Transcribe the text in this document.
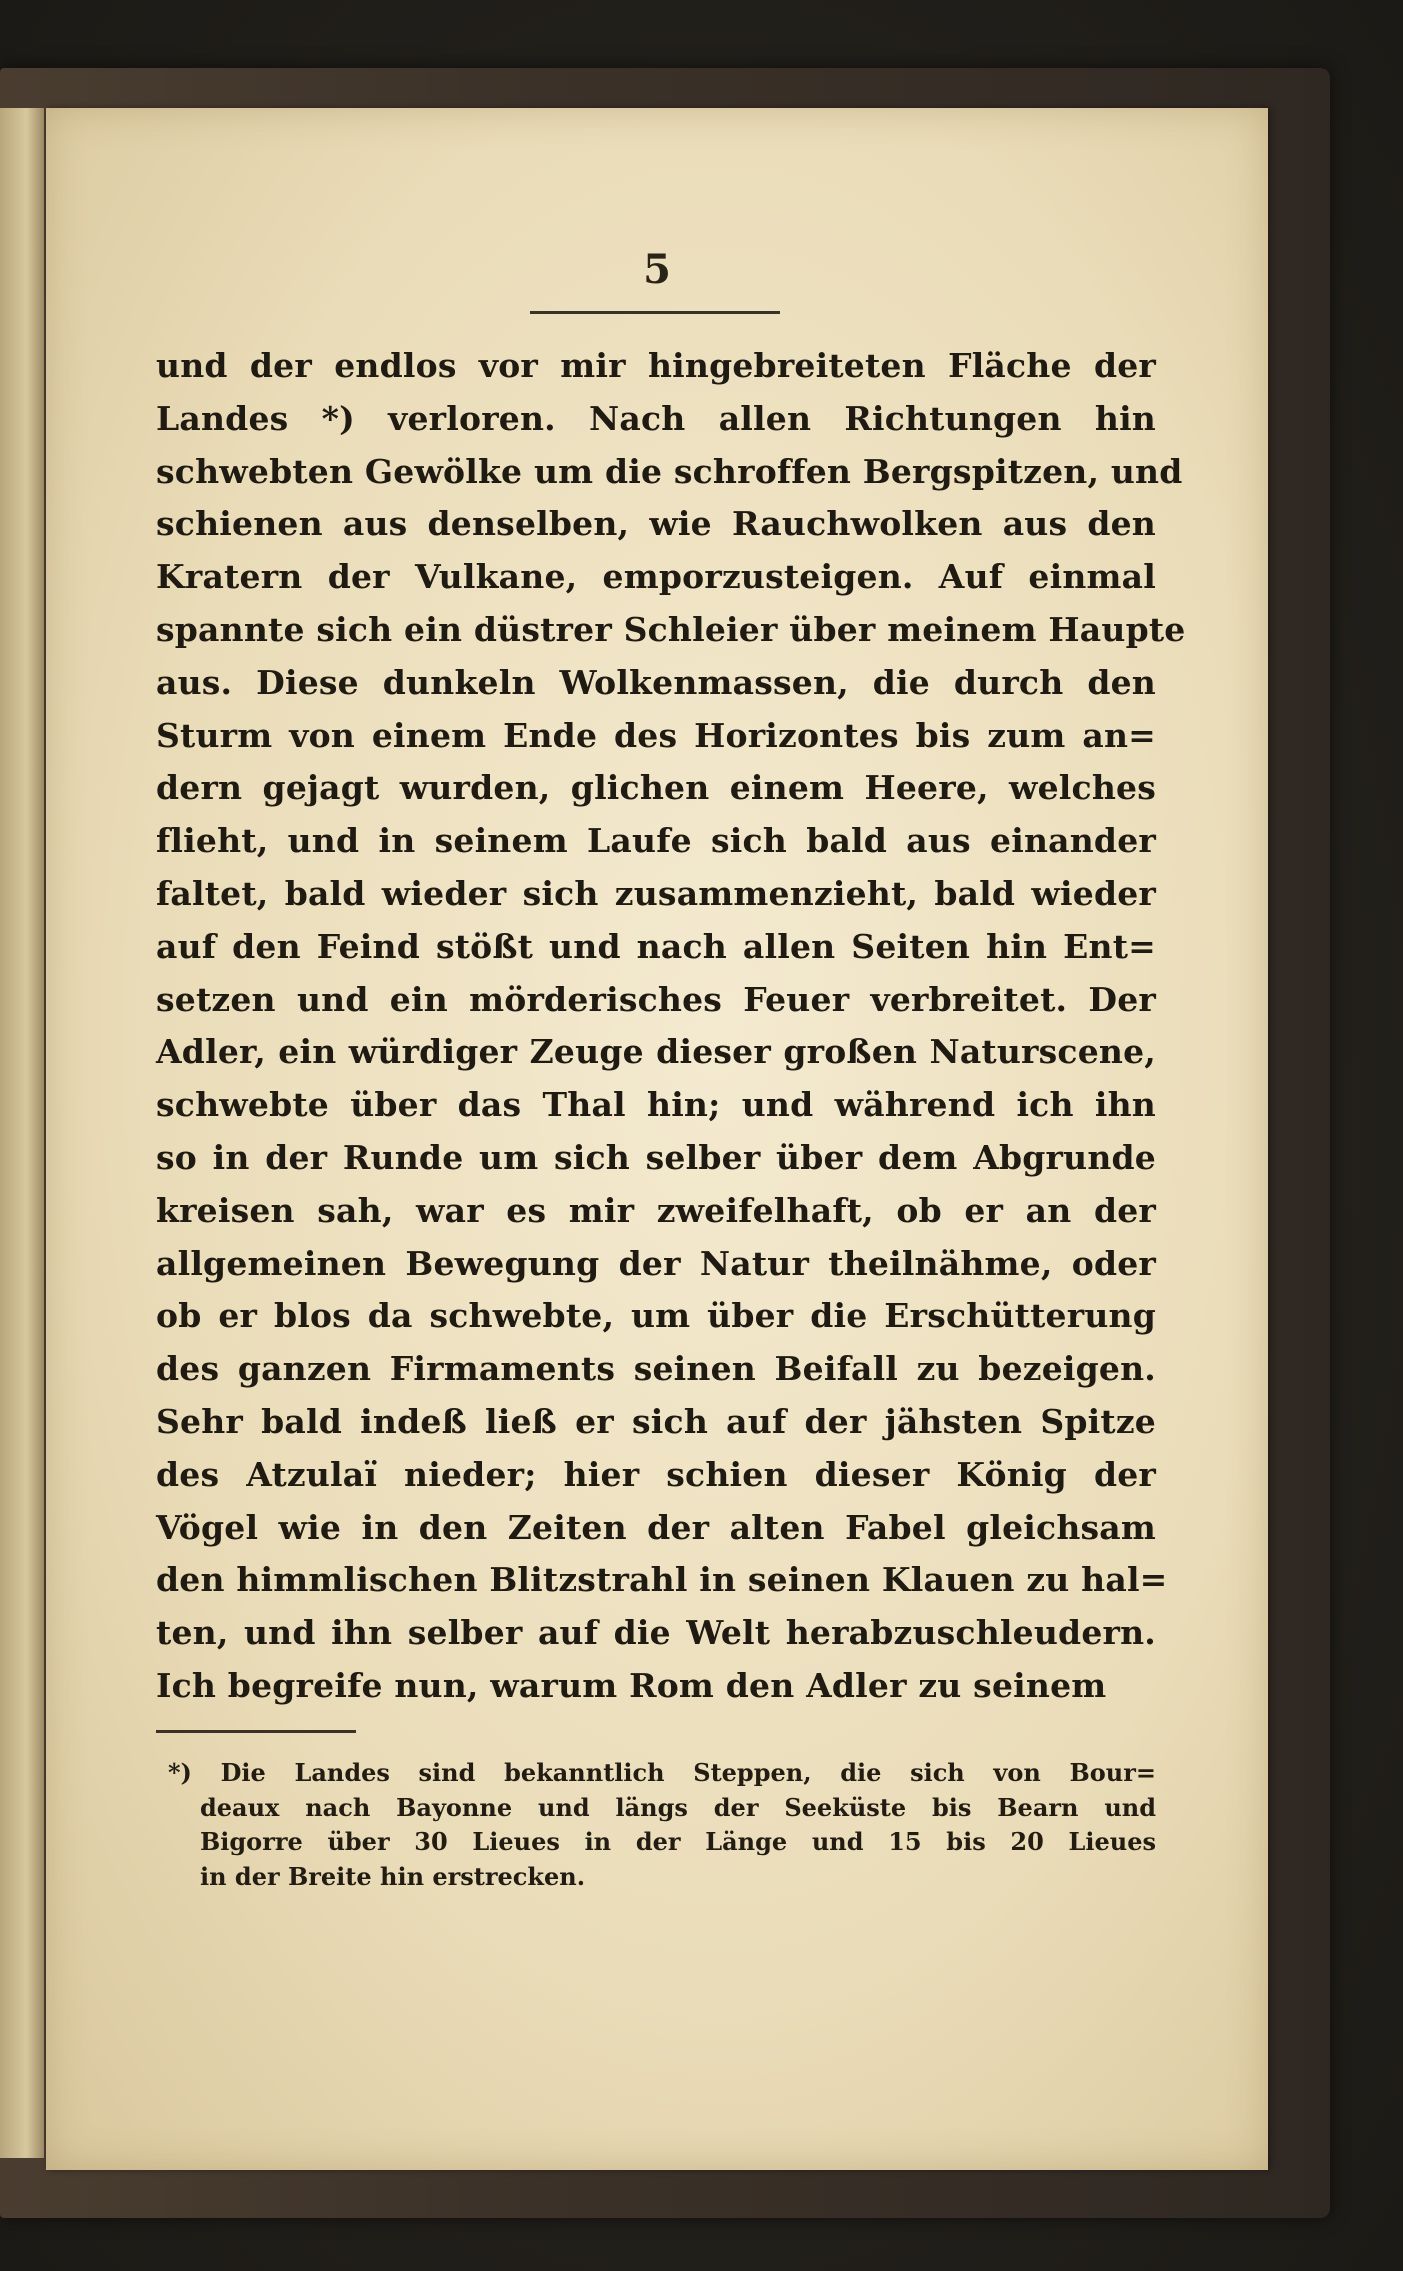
5
und der endlos vor mir hingebreiteten Fläche der
Landes *) verloren. Nach allen Richtungen hin
schwebten Gewölke um die schroffen Bergspitzen, und
schienen aus denselben, wie Rauchwolken aus den
Kratern der Vulkane, emporzusteigen. Auf einmal
spannte sich ein düstrer Schleier über meinem Haupte
aus. Diese dunkeln Wolkenmassen, die durch den
Sturm von einem Ende des Horizontes bis zum an=
dern gejagt wurden, glichen einem Heere, welches
flieht, und in seinem Laufe sich bald aus einander
faltet, bald wieder sich zusammenzieht, bald wieder
auf den Feind stößt und nach allen Seiten hin Ent=
setzen und ein mörderisches Feuer verbreitet. Der
Adler, ein würdiger Zeuge dieser großen Naturscene,
schwebte über das Thal hin; und während ich ihn
so in der Runde um sich selber über dem Abgrunde
kreisen sah, war es mir zweifelhaft, ob er an der
allgemeinen Bewegung der Natur theilnähme, oder
ob er blos da schwebte, um über die Erschütterung
des ganzen Firmaments seinen Beifall zu bezeigen.
Sehr bald indeß ließ er sich auf der jähsten Spitze
des Atzulaï nieder; hier schien dieser König der
Vögel wie in den Zeiten der alten Fabel gleichsam
den himmlischen Blitzstrahl in seinen Klauen zu hal=
ten, und ihn selber auf die Welt herabzuschleudern.
Ich begreife nun, warum Rom den Adler zu seinem
*) Die Landes sind bekanntlich Steppen, die sich von Bour=
deaux nach Bayonne und längs der Seeküste bis Bearn und
Bigorre über 30 Lieues in der Länge und 15 bis 20 Lieues
in der Breite hin erstrecken.
